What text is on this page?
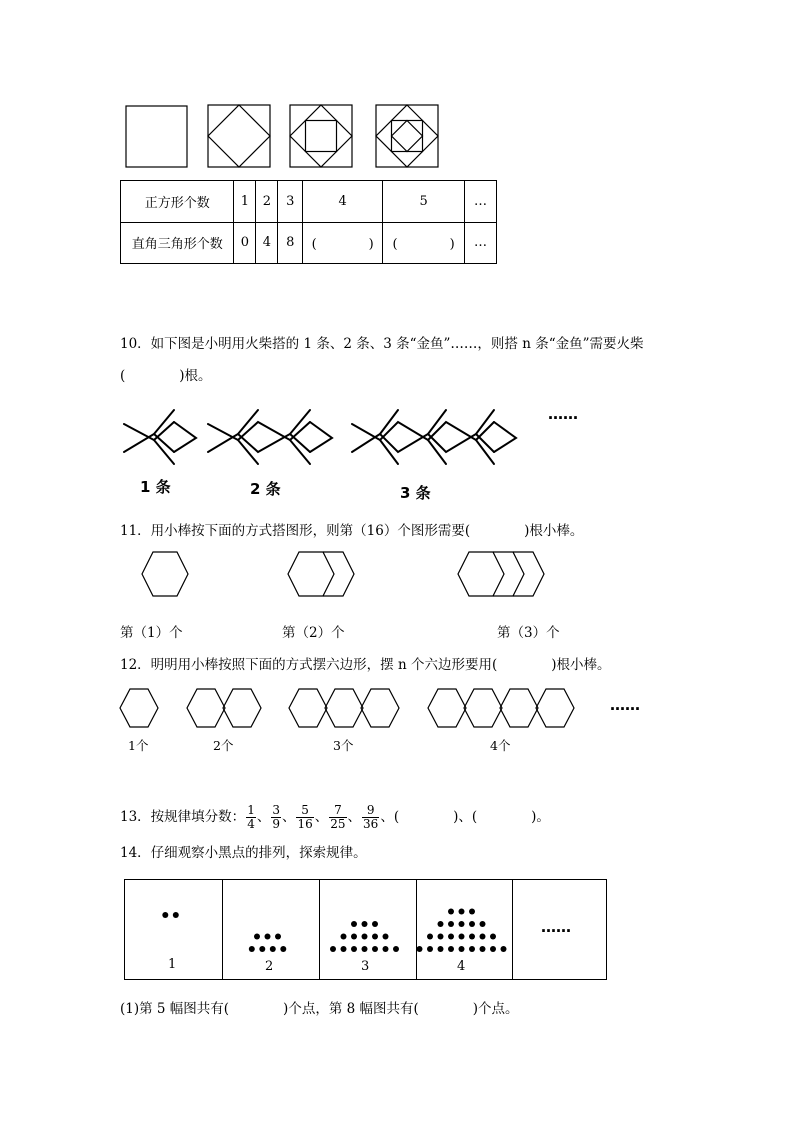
正方形个数	1	2	3	4	5	…
直角三角形个数	0	4	8	(　　　　)	(　　　　)	…
10．如下图是小明用火柴搭的 1 条、2 条、3 条“金鱼”……，则搭 n 条“金鱼”需要火柴
(　　　　)根。
……
1 条	2 条	3 条
11．用小棒按下面的方式搭图形，则第（16）个图形需要(　　　　)根小棒。
第（1）个	第（2）个	第（3）个
12．明明用小棒按照下面的方式摆六边形，摆 n 个六边形要用(　　　　)根小棒。
……
1个	2个	3个	4个
13．按规律填分数： $\frac{1}{4}$ 、 $\frac{3}{9}$ 、 $\frac{5}{16}$ 、 $\frac{7}{25}$ 、 $\frac{9}{36}$ 、(　　　　)、(　　　　)。
14．仔细观察小黑点的排列，探索规律。
1	2	3	4
……
(1)第 5 幅图共有(　　　　)个点，第 8 幅图共有(　　　　)个点。
